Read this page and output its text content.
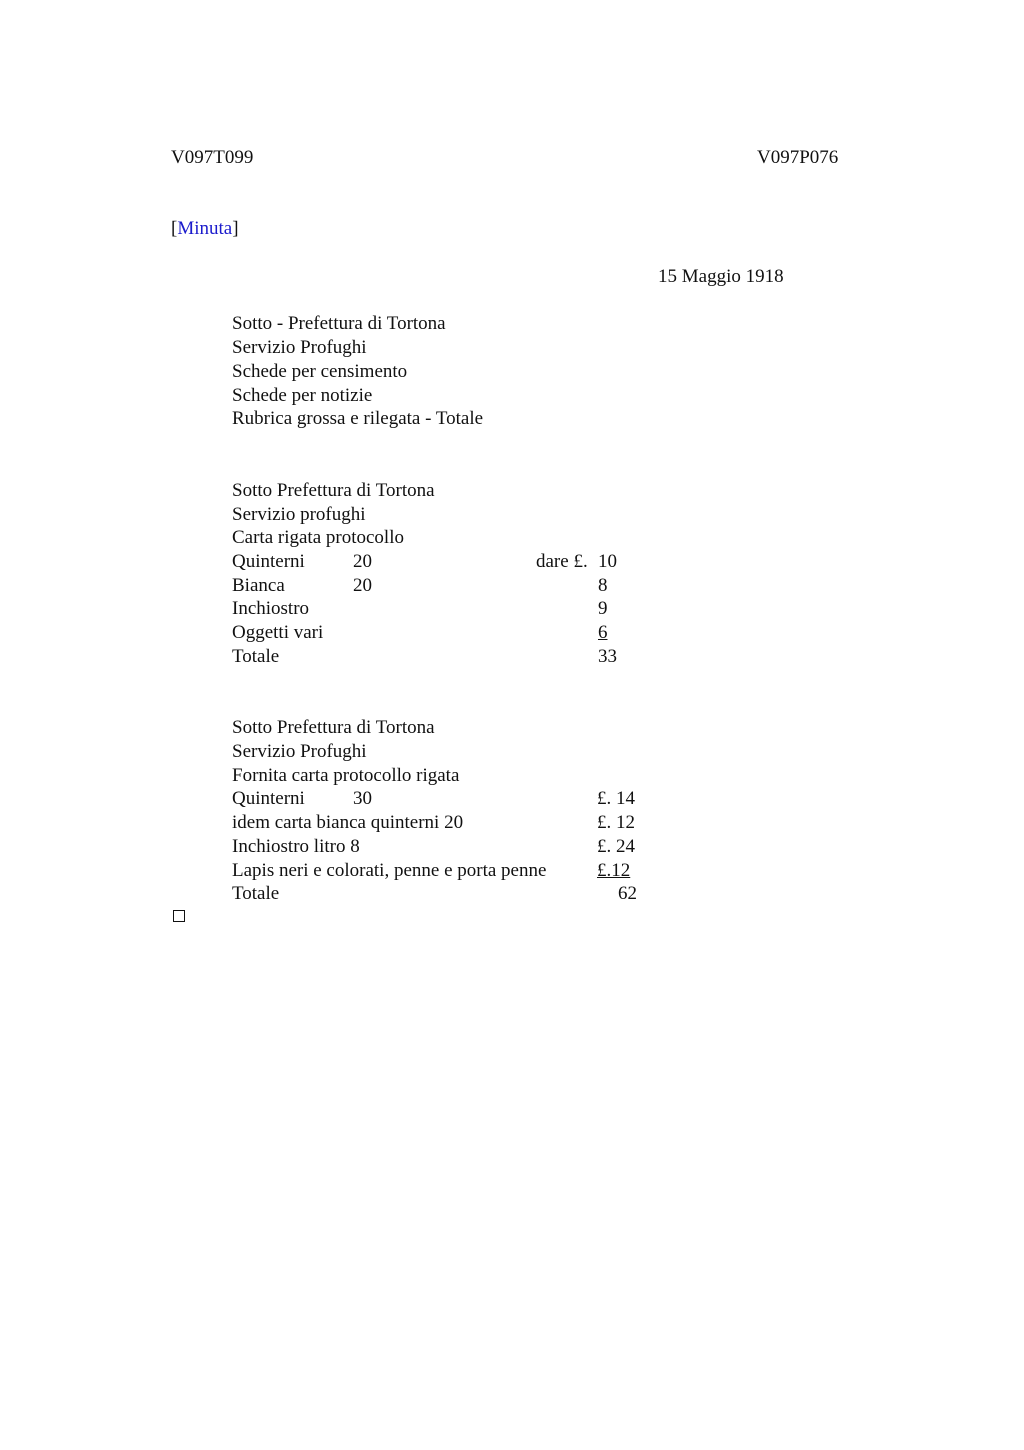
V097T099	V097P076
[Minuta]
15 Maggio 1918
Sotto - Prefettura di Tortona
Servizio Profughi
Schede per censimento
Schede per notizie
Rubrica grossa e rilegata - Totale
Sotto Prefettura di Tortona
Servizio profughi
Carta rigata protocollo
Quinterni	20	dare £. 10
Bianca	20	8
Inchiostro	9
Oggetti vari	6
Totale	33
Sotto Prefettura di Tortona
Servizio Profughi
Fornita carta protocollo rigata
Quinterni	30	£. 14
idem carta bianca quinterni 20	£. 12
Inchiostro litro 8	£. 24
Lapis neri e colorati, penne e porta penne	£.12
Totale	62
